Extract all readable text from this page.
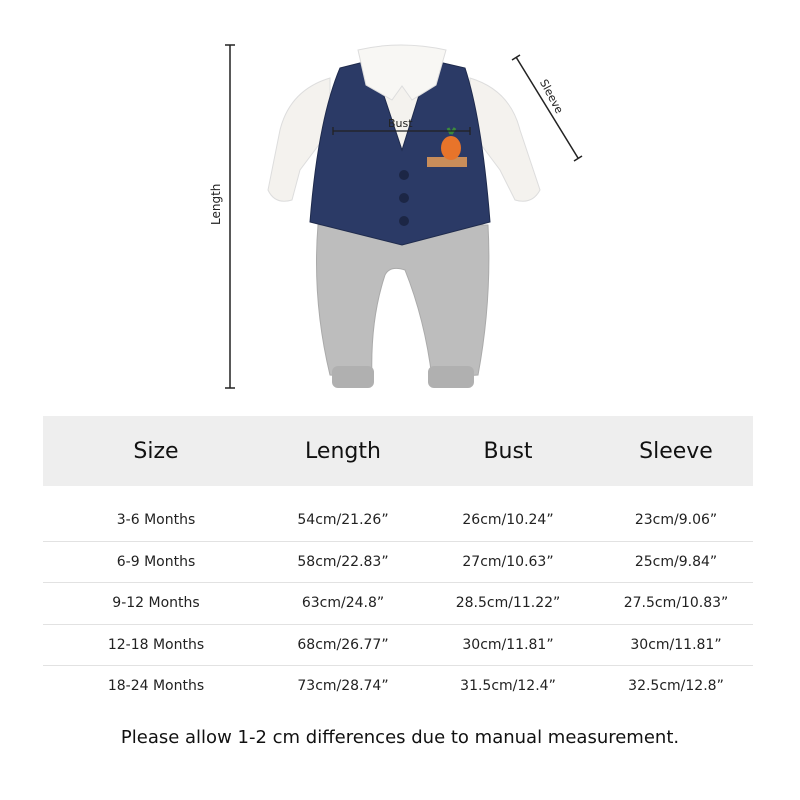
Length
Bust
Sleeve
Size	Length	Bust	Sleeve
3-6 Months	54cm/21.26”	26cm/10.24”	23cm/9.06”
6-9 Months	58cm/22.83”	27cm/10.63”	25cm/9.84”
9-12 Months	63cm/24.8”	28.5cm/11.22”	27.5cm/10.83”
12-18 Months	68cm/26.77”	30cm/11.81”	30cm/11.81”
18-24 Months	73cm/28.74”	31.5cm/12.4”	32.5cm/12.8”
Please allow 1-2 cm differences due to manual measurement.
